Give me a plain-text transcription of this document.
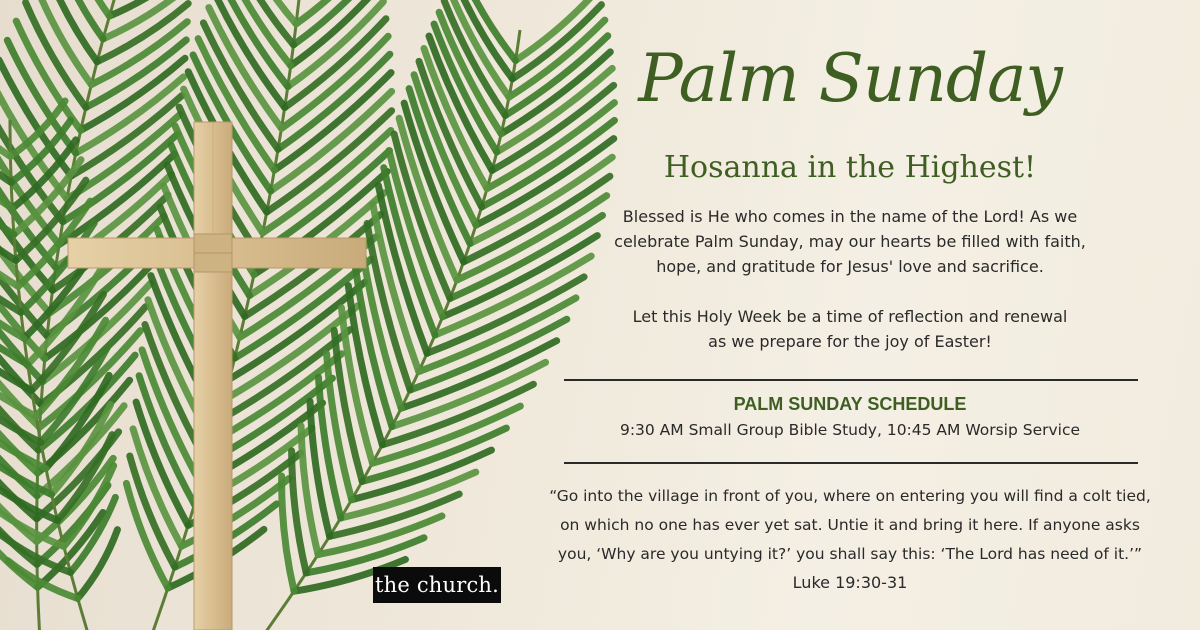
the church.
Palm Sunday
Hosanna in the Highest!
Blessed is He who comes in the name of the Lord! As we
celebrate Palm Sunday, may our hearts be filled with faith,
hope, and gratitude for Jesus' love and sacrifice.
Let this Holy Week be a time of reflection and renewal
as we prepare for the joy of Easter!
PALM SUNDAY SCHEDULE
9:30 AM Small Group Bible Study, 10:45 AM Worsip Service
“Go into the village in front of you, where on entering you will find a colt tied,
on which no one has ever yet sat. Untie it and bring it here. If anyone asks
you, ‘Why are you untying it?’ you shall say this: ‘The Lord has need of it.’”
Luke 19:30-31
